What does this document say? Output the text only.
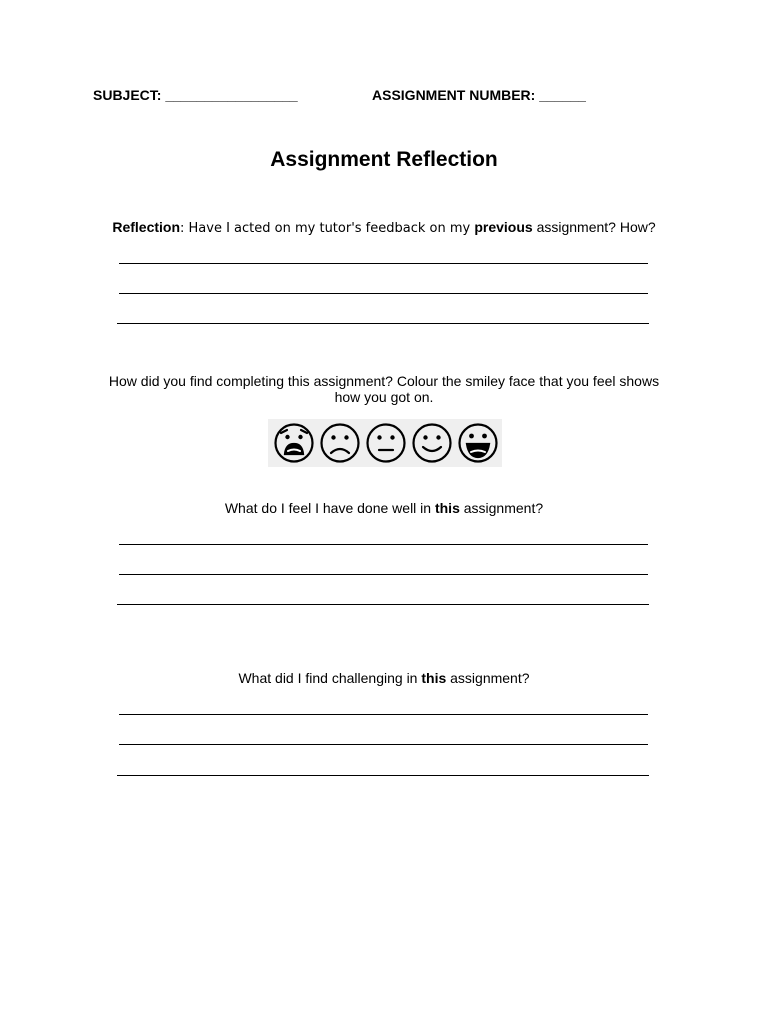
SUBJECT: _________________	ASSIGNMENT NUMBER: ______
Assignment Reflection
Reflection: Have I acted on my tutor's feedback on my previous assignment? How?
How did you find completing this assignment? Colour the smiley face that you feel shows
how you got on.
What do I feel I have done well in this assignment?
What did I find challenging in this assignment?
